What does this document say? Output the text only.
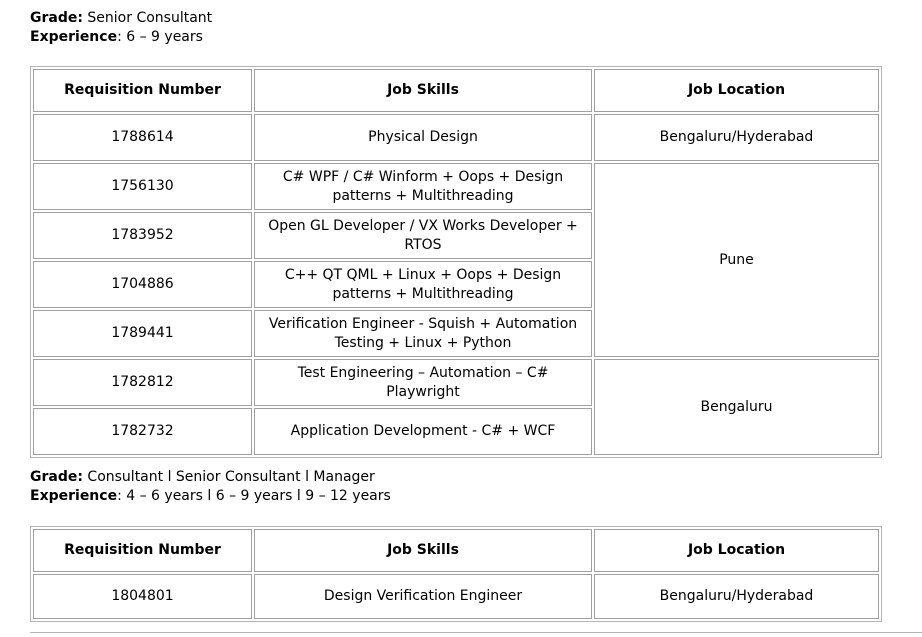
Grade: Senior Consultant
Experience: 6 – 9 years
Requisition Number	Job Skills	Job Location
1788614	Physical Design	Bengaluru/Hyderabad
1756130	C# WPF / C# Winform + Oops + Design patterns + Multithreading	Pune
1783952	Open GL Developer / VX Works Developer + RTOS	
1704886	C++ QT QML + Linux + Oops + Design patterns + Multithreading	
1789441	Verification Engineer - Squish + Automation Testing + Linux + Python	
1782812	Test Engineering – Automation – C# Playwright	Bengaluru
1782732	Application Development - C# + WCF	
Grade: Consultant l Senior Consultant l Manager
Experience: 4 – 6 years l 6 – 9 years l 9 – 12 years
Requisition Number	Job Skills	Job Location
1804801	Design Verification Engineer	Bengaluru/Hyderabad
